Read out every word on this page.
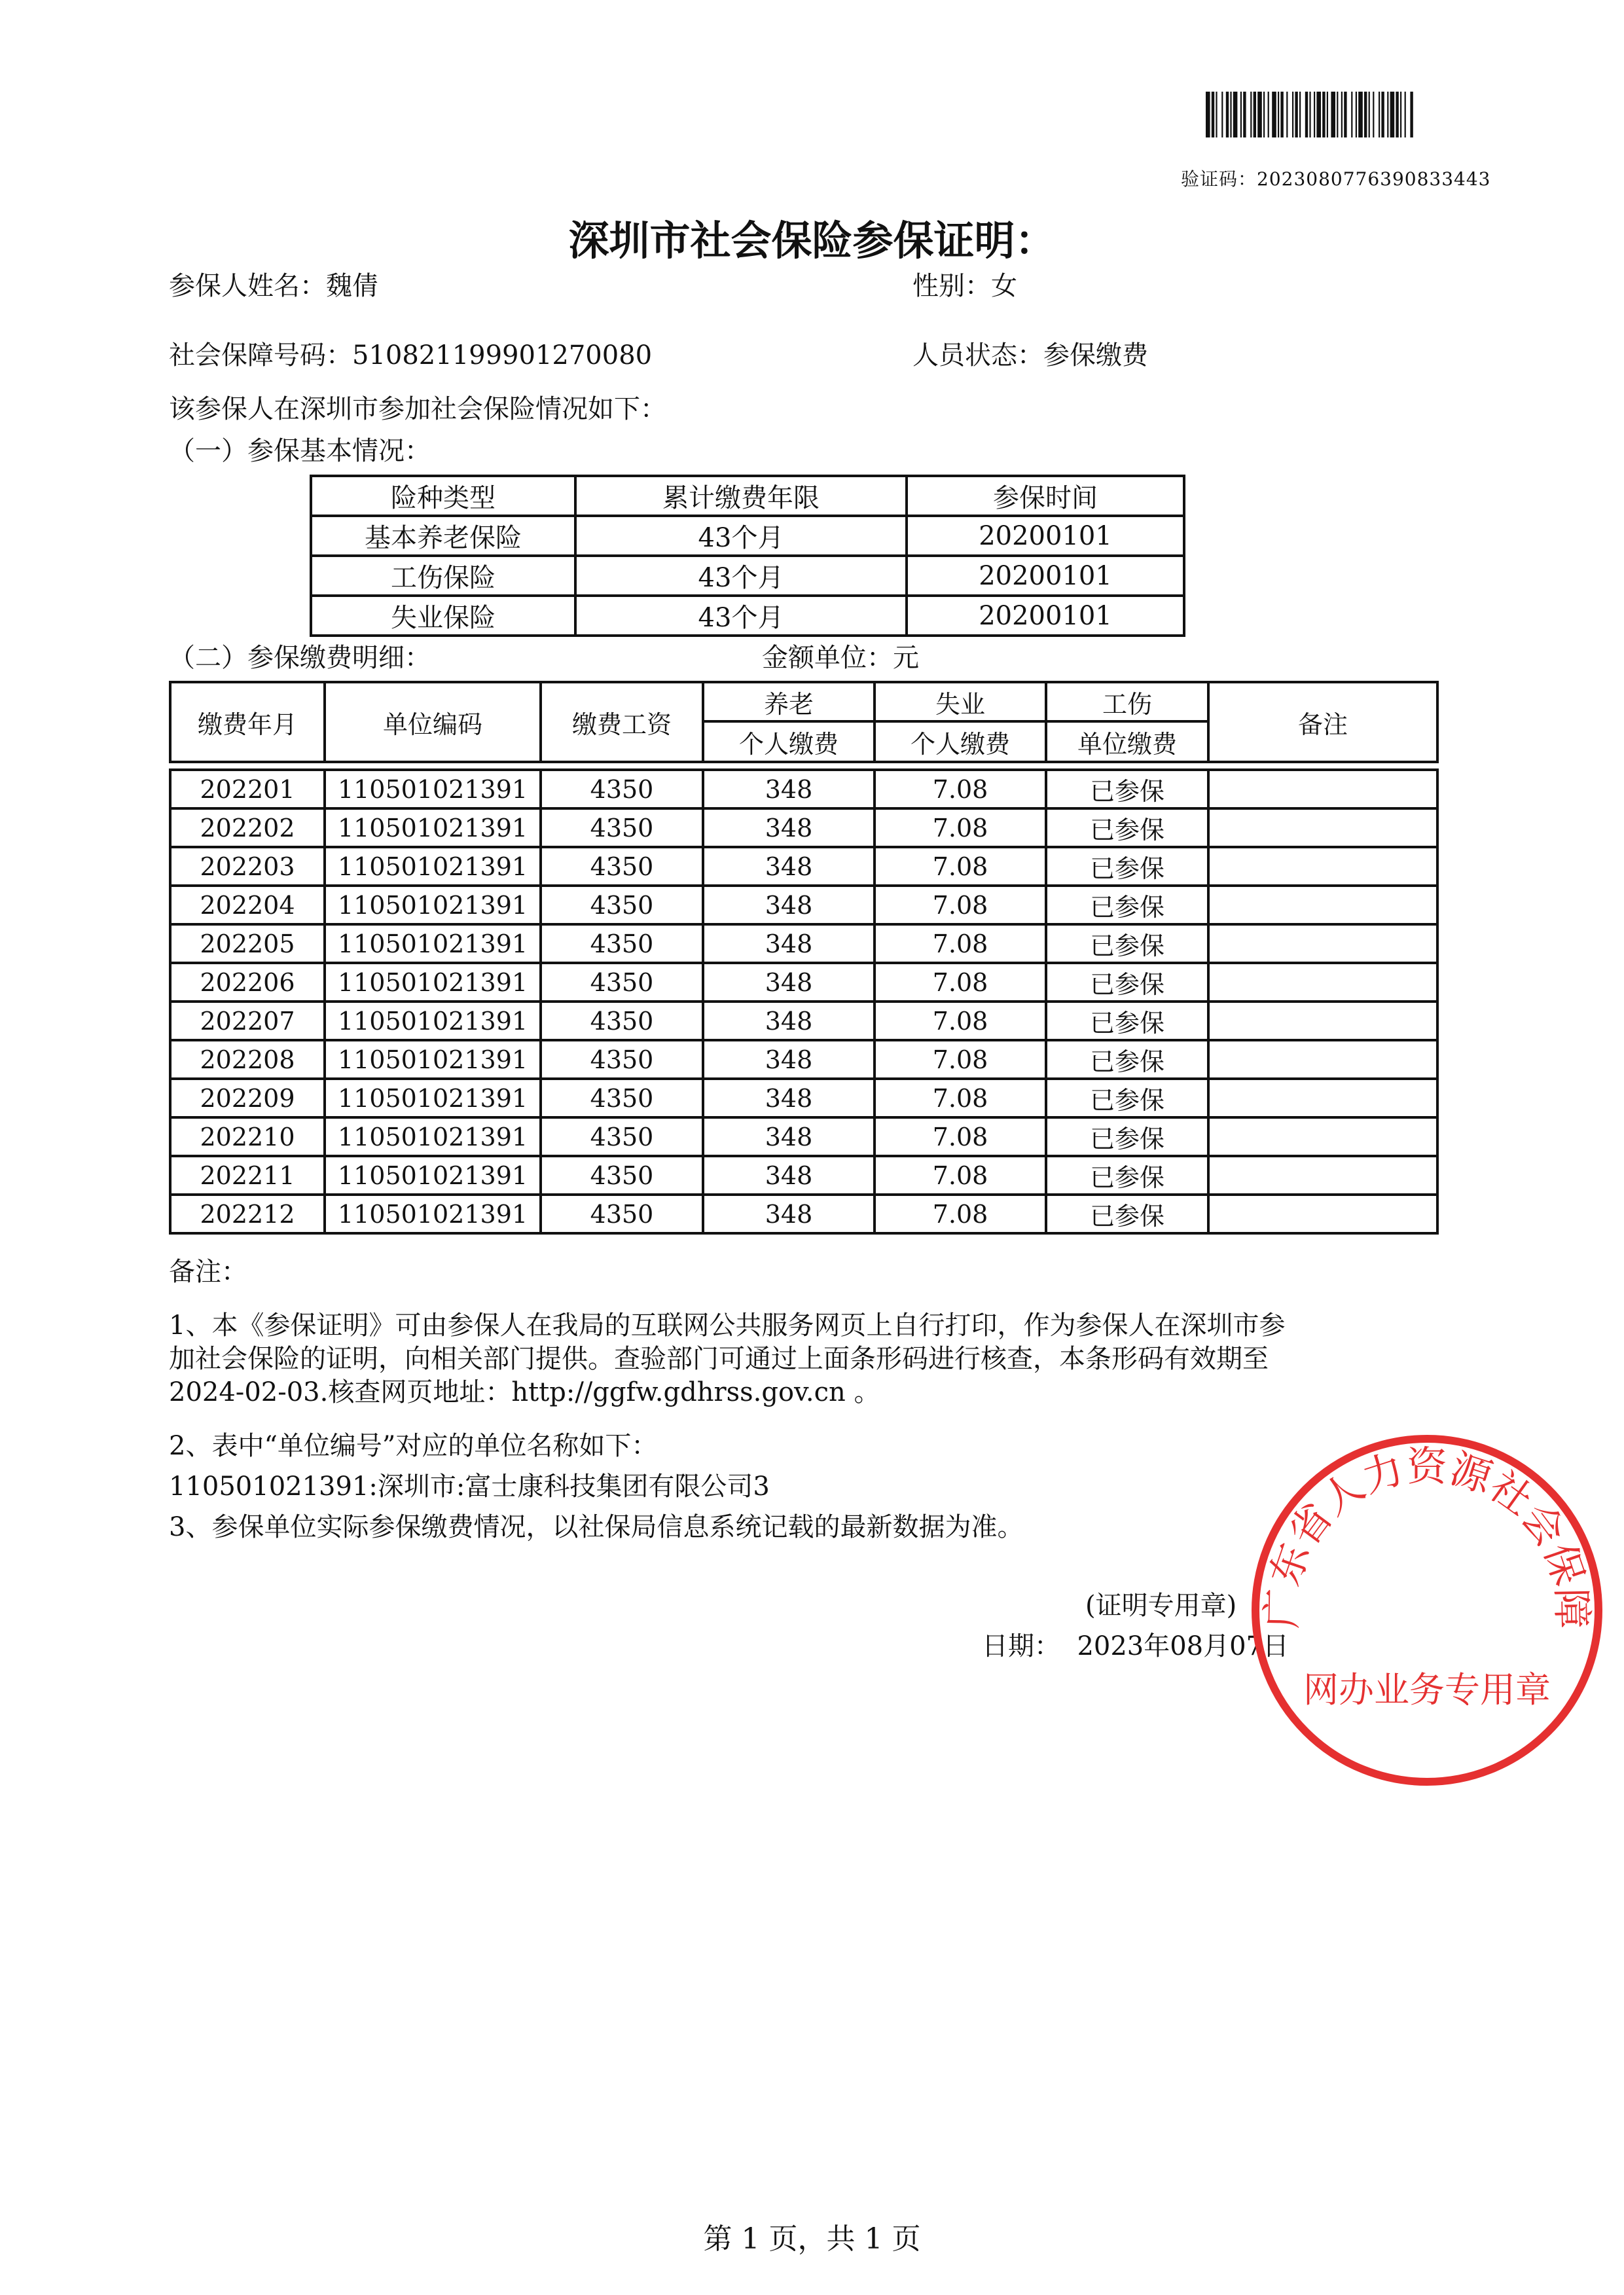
验证码：2023080776390833443
深圳市社会保险参保证明：
参保人姓名：魏倩	性别：女
社会保障号码：510821199901270080	人员状态：参保缴费
该参保人在深圳市参加社会保险情况如下：
（一）参保基本情况：
险种类型	累计缴费年限	参保时间
基本养老保险	43个月	20200101
工伤保险	43个月	20200101
失业保险	43个月	20200101
（二）参保缴费明细：	金额单位：元
缴费年月	单位编码	缴费工资	养老	失业	工伤	备注
			个人缴费	个人缴费	单位缴费	

202201	110501021391	4350	348	7.08	已参保	
202202	110501021391	4350	348	7.08	已参保	
202203	110501021391	4350	348	7.08	已参保	
202204	110501021391	4350	348	7.08	已参保	
202205	110501021391	4350	348	7.08	已参保	
202206	110501021391	4350	348	7.08	已参保	
202207	110501021391	4350	348	7.08	已参保	
202208	110501021391	4350	348	7.08	已参保	
202209	110501021391	4350	348	7.08	已参保	
202210	110501021391	4350	348	7.08	已参保	
202211	110501021391	4350	348	7.08	已参保	
202212	110501021391	4350	348	7.08	已参保	
备注：
1、本《参保证明》可由参保人在我局的互联网公共服务网页上自行打印，作为参保人在深圳市参
加社会保险的证明，向相关部门提供。查验部门可通过上面条形码进行核查，本条形码有效期至
2024-02-03.核查网页地址：http://ggfw.gdhrss.gov.cn 。
2、表中“单位编号”对应的单位名称如下：
110501021391:深圳市:富士康科技集团有限公司3
3、参保单位实际参保缴费情况，以社保局信息系统记载的最新数据为准。
(证明专用章)
日期： 2023年08月07日
广东省人力资源社会保障
网办业务专用章
第 1 页，共 1 页
